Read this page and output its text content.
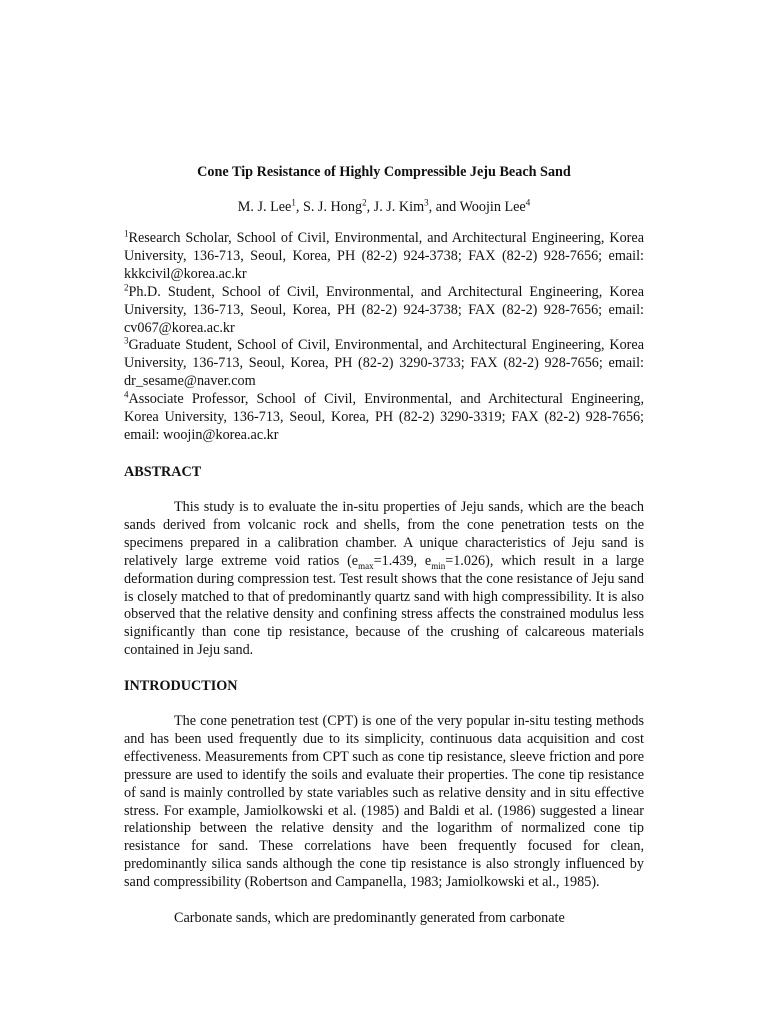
Cone Tip Resistance of Highly Compressible Jeju Beach Sand
M. J. Lee$^1$, S. J. Hong$^2$, J. J. Kim$^3$, and Woojin Lee$^4$

$^1$Research Scholar, School of Civil, Environmental, and Architectural Engineering, Korea University, 136-713, Seoul, Korea, PH (82-2) 924-3738; FAX (82-2) 928-7656; email: kkkcivil@korea.ac.kr

$^2$Ph.D. Student, School of Civil, Environmental, and Architectural Engineering, Korea University, 136-713, Seoul, Korea, PH (82-2) 924-3738; FAX (82-2) 928-7656; email: cv067@korea.ac.kr

$^3$Graduate Student, School of Civil, Environmental, and Architectural Engineering, Korea University, 136-713, Seoul, Korea, PH (82-2) 3290-3733; FAX (82-2) 928-7656; email: dr_sesame@naver.com

$^4$Associate Professor, School of Civil, Environmental, and Architectural Engineering, Korea University, 136-713, Seoul, Korea, PH (82-2) 3290-3319; FAX (82-2) 928-7656; email: woojin@korea.ac.kr

ABSTRACT

This study is to evaluate the in-situ properties of Jeju sands, which are the beach sands derived from volcanic rock and shells, from the cone penetration tests on the specimens prepared in a calibration chamber. A unique characteristics of Jeju sand is relatively large extreme void ratios ($e_{max}=1.439$, $e_{min}=1.026$), which result in a large deformation during compression test. Test result shows that the cone resistance of Jeju sand is closely matched to that of predominantly quartz sand with high compressibility. It is also observed that the relative density and confining stress affects the constrained modulus less significantly than cone tip resistance, because of the crushing of calcareous materials contained in Jeju sand.

INTRODUCTION

The cone penetration test (CPT) is one of the very popular in-situ testing methods and has been used frequently due to its simplicity, continuous data acquisition and cost effectiveness. Measurements from CPT such as cone tip resistance, sleeve friction and pore pressure are used to identify the soils and evaluate their properties. The cone tip resistance of sand is mainly controlled by state variables such as relative density and in situ effective stress. For example, Jamiolkowski et al. (1985) and Baldi et al. (1986) suggested a linear relationship between the relative density and the logarithm of normalized cone tip resistance for sand. These correlations have been frequently focused for clean, predominantly silica sands although the cone tip resistance is also strongly influenced by sand compressibility (Robertson and Campanella, 1983; Jamiolkowski et al., 1985).

Carbonate sands, which are predominantly generated from carbonate
